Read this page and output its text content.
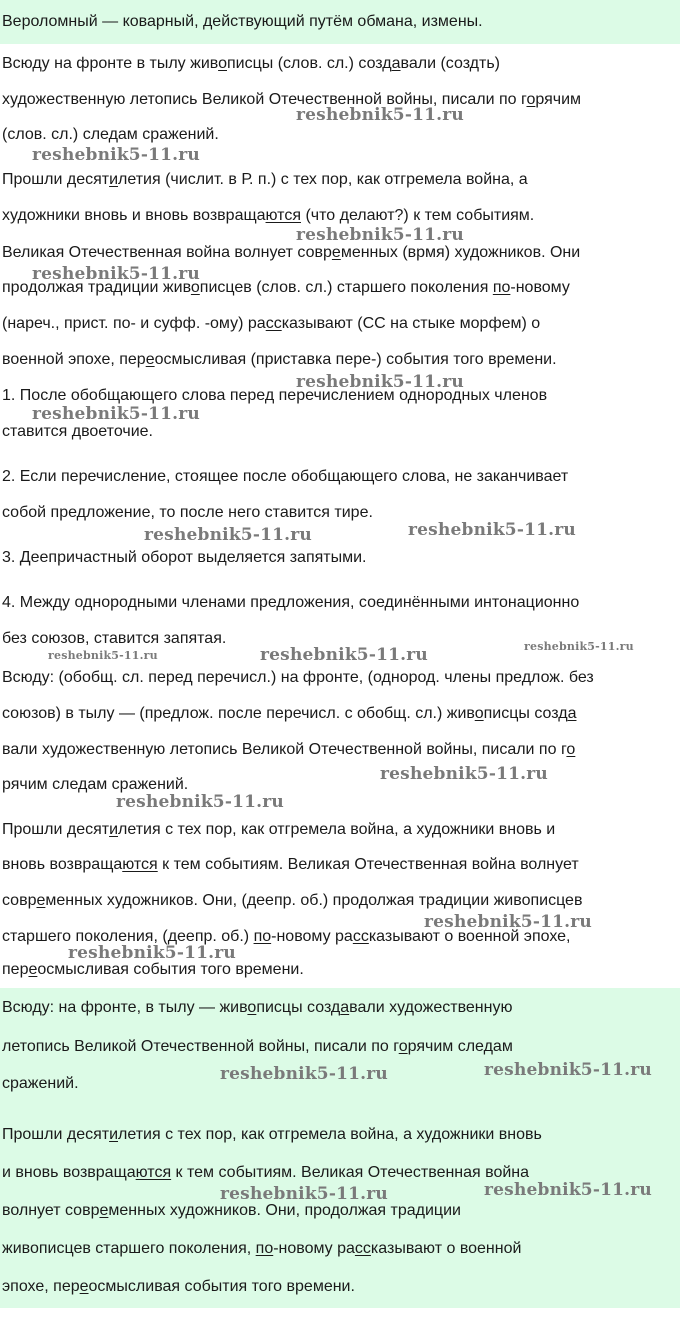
Вероломный — коварный, действующий путём обмана, измены.
Всюду на фронте в тылу живописцы (слов. сл.) создавали (создть)
художественную летопись Великой Отечественной войны, писали по горячим
(слов. сл.) следам сражений.
Прошли десятилетия (числит. в Р. п.) с тех пор, как отгремела война, а
художники вновь и вновь возвращаются (что делают?) к тем событиям.
Великая Отечественная война волнует современных (врмя) художников. Они
продолжая традиции живописцев (слов. сл.) старшего поколения по-новому
(нареч., прист. по- и суфф. -ому) рассказывают (СС на стыке морфем) о
военной эпохе, переосмысливая (приставка пере-) события того времени.
1. После обобщающего слова перед перечислением однородных членов
ставится двоеточие.
2. Если перечисление, стоящее после обобщающего слова, не заканчивает
собой предложение, то после него ставится тире.
3. Деепричастный оборот выделяется запятыми.
4. Между однородными членами предложения, соединёнными интонационно
без союзов, ставится запятая.
Всюду: (обобщ. сл. перед перечисл.) на фронте, (однород. члены предлож. без
союзов) в тылу — (предлож. после перечисл. с обобщ. сл.) живописцы созда
вали художественную летопись Великой Отечественной войны, писали по го
рячим следам сражений.
Прошли десятилетия с тех пор, как отгремела война, а художники вновь и
вновь возвращаются к тем событиям. Великая Отечественная война волнует
современных художников. Они, (деепр. об.) продолжая традиции живописцев
старшего поколения, (деепр. об.) по-новому рассказывают о военной эпохе,
переосмысливая события того времени.
Всюду: на фронте, в тылу — живописцы создавали художественную
летопись Великой Отечественной войны, писали по горячим следам
сражений.
Прошли десятилетия с тех пор, как отгремела война, а художники вновь
и вновь возвращаются к тем событиям. Великая Отечественная война
волнует современных художников. Они, продолжая традиции
живописцев старшего поколения, по-новому рассказывают о военной
эпохе, переосмысливая события того времени.
reshebnik5-11.ru
reshebnik5-11.ru
reshebnik5-11.ru
reshebnik5-11.ru
reshebnik5-11.ru
reshebnik5-11.ru
reshebnik5-11.ru	reshebnik5-11.ru
reshebnik5-11.ru
reshebnik5-11.ru	reshebnik5-11.ru
reshebnik5-11.ru
reshebnik5-11.ru
reshebnik5-11.ru
reshebnik5-11.ru
reshebnik5-11.ru
reshebnik5-11.ru
reshebnik5-11.ru
reshebnik5-11.ru
